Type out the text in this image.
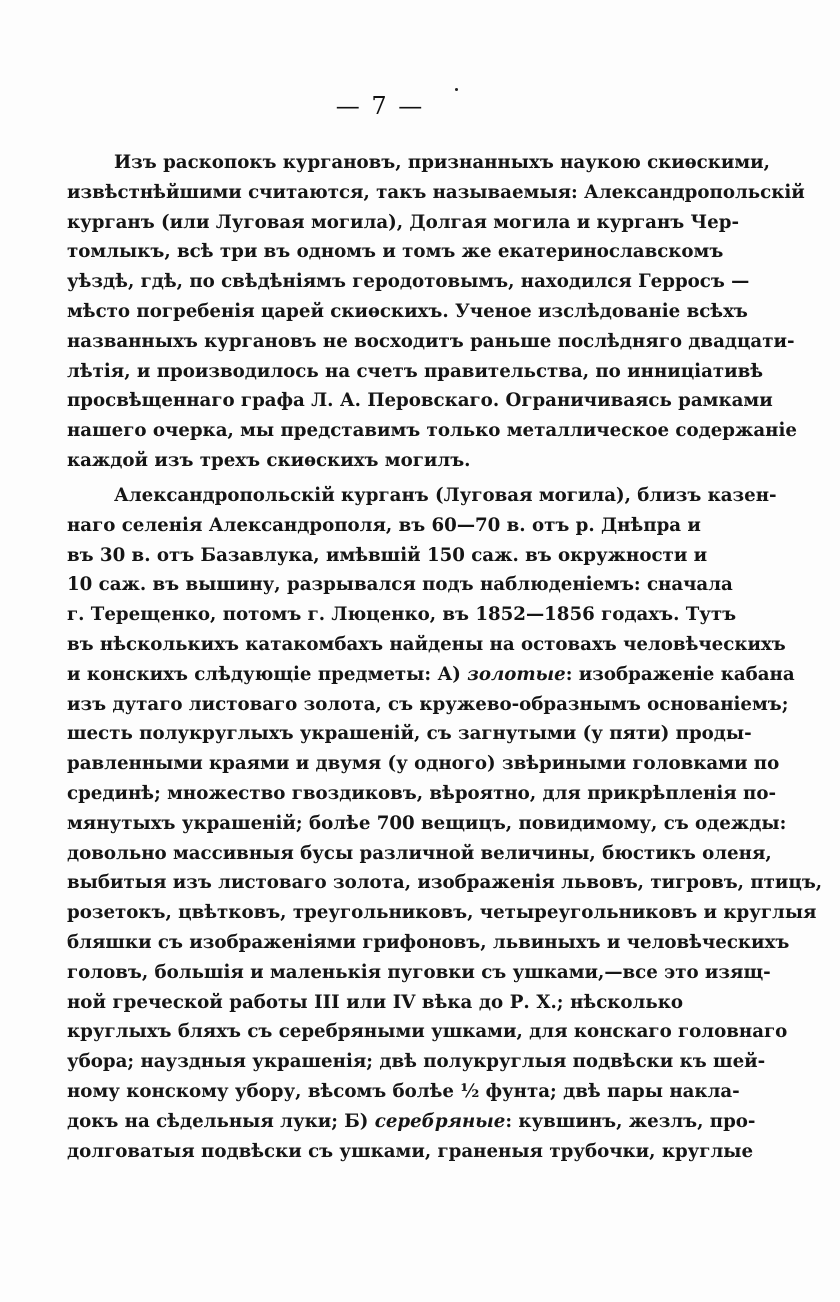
— 7 —
Изъ раскопокъ кургановъ, признанныхъ наукою скиѳскими,
извѣстнѣйшими считаются, такъ называемыя: Александропольскій
курганъ (или Луговая могила), Долгая могила и курганъ Чер-
томлыкъ, всѣ три въ одномъ и томъ же екатеринославскомъ
уѣздѣ, гдѣ, по свѣдѣніямъ геродотовымъ, находился Герросъ —
мѣсто погребенія царей скиѳскихъ. Ученое изслѣдованіе всѣхъ
названныхъ кургановъ не восходитъ раньше послѣдняго двадцати-
лѣтія, и производилось на счетъ правительства, по инниціативѣ
просвѣщеннаго графа Л. А. Перовскаго. Ограничиваясь рамками
нашего очерка, мы представимъ только металлическое содержаніе
каждой изъ трехъ скиѳскихъ могилъ.
Александропольскій курганъ (Луговая могила), близъ казен-
наго селенія Александрополя, въ 60—70 в. отъ р. Днѣпра и
въ 30 в. отъ Базавлука, имѣвшій 150 саж. въ окружности и
10 саж. въ вышину, разрывался подъ наблюденіемъ: сначала
г. Терещенко, потомъ г. Люценко, въ 1852—1856 годахъ. Тутъ
въ нѣсколькихъ катакомбахъ найдены на остовахъ человѣческихъ
и конскихъ слѣдующіе предметы: А) золотые: изображеніе кабана
изъ дутаго листоваго золота, съ кружево-образнымъ основаніемъ;
шесть полукруглыхъ украшеній, съ загнутыми (у пяти) проды-
равленными краями и двумя (у одного) звѣриными головками по
срединѣ; множество гвоздиковъ, вѣроятно, для прикрѣпленія по-
мянутыхъ украшеній; болѣе 700 вещицъ, повидимому, съ одежды:
довольно массивныя бусы различной величины, бюстикъ оленя,
выбитыя изъ листоваго золота, изображенія львовъ, тигровъ, птицъ,
розетокъ, цвѣтковъ, треугольниковъ, четыреугольниковъ и круглыя
бляшки съ изображеніями грифоновъ, львиныхъ и человѣческихъ
головъ, большія и маленькія пуговки съ ушками,—все это изящ-
ной греческой работы III или IV вѣка до Р. Х.; нѣсколько
круглыхъ бляхъ съ серебряными ушками, для конскаго головнаго
убора; науздныя украшенія; двѣ полукруглыя подвѣски къ шей-
ному конскому убору, вѣсомъ болѣе ½ фунта; двѣ пары накла-
докъ на сѣдельныя луки; Б) серебряные: кувшинъ, жезлъ, про-
долговатыя подвѣски съ ушками, граненыя трубочки, круглые
